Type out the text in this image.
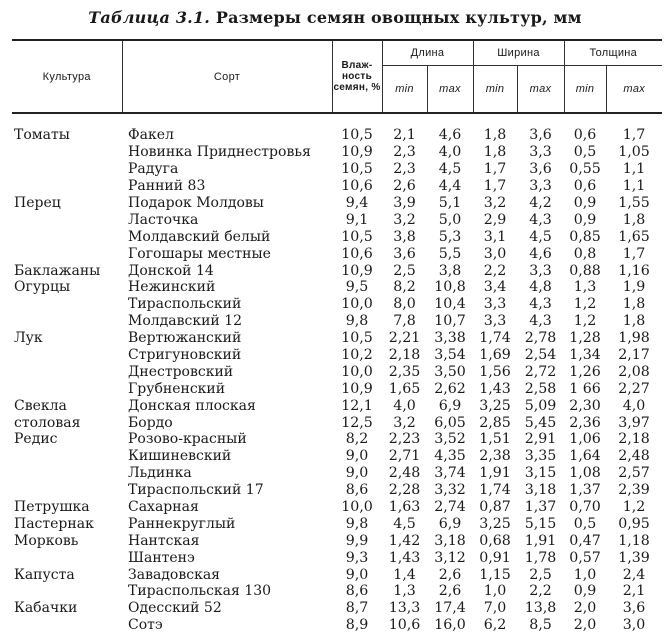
Таблица 3.1. Размеры семян овощных культур, мм
Культура	Сорт	Влаж-ность семян, %	Длина		Ширина		Толщина	
			min	max	min	max	min	max
Томаты	Факел	10,5	2,1	4,6	1,8	3,6	0,6	1,7
	Новинка Приднестровья	10,9	2,3	4,0	1,8	3,3	0,5	1,05
	Радуга	10,5	2,3	4,5	1,7	3,6	0,55	1,1
	Ранний 83	10,6	2,6	4,4	1,7	3,3	0,6	1,1
Перец	Подарок Молдовы	9,4	3,9	5,1	3,2	4,2	0,9	1,55
	Ласточка	9,1	3,2	5,0	2,9	4,3	0,9	1,8
	Молдавский белый	10,5	3,8	5,3	3,1	4,5	0,85	1,65
	Гогошары местные	10,6	3,6	5,5	3,0	4,6	0,8	1,7
Баклажаны	Донской 14	10,9	2,5	3,8	2,2	3,3	0,88	1,16
Огурцы	Нежинский	9,5	8,2	10,8	3,4	4,8	1,3	1,9
	Тираспольский	10,0	8,0	10,4	3,3	4,3	1,2	1,8
	Молдавский 12	9,8	7,8	10,7	3,3	4,3	1,2	1,8
Лук	Вертюжанский	10,5	2,21	3,38	1,74	2,78	1,28	1,98
	Стригуновский	10,2	2,18	3,54	1,69	2,54	1,34	2,17
	Днестровский	10,0	2,35	3,50	1,56	2,72	1,26	2,08
	Грубненский	10,9	1,65	2,62	1,43	2,58	1 66	2,27
Свекла	Донская плоская	12,1	4,0	6,9	3,25	5,09	2,30	4,0
столовая	Бордо	12,5	3,2	6,05	2,85	5,45	2,36	3,97
Редис	Розово-красный	8,2	2,23	3,52	1,51	2,91	1,06	2,18
	Кишиневский	9,0	2,71	4,35	2,38	3,35	1,64	2,48
	Льдинка	9,0	2,48	3,74	1,91	3,15	1,08	2,57
	Тираспольский 17	8,6	2,28	3,32	1,74	3,18	1,37	2,39
Петрушка	Сахарная	10,0	1,63	2,74	0,87	1,37	0,70	1,2
Пастернак	Раннекруглый	9,8	4,5	6,9	3,25	5,15	0,5	0,95
Морковь	Нантская	9,9	1,42	3,18	0,68	1,91	0,47	1,18
	Шантенэ	9,3	1,43	3,12	0,91	1,78	0,57	1,39
Капуста	Завадовская	9,0	1,4	2,6	1,15	2,5	1,0	2,4
	Тираспольская 130	8,6	1,3	2,6	1,0	2,2	0,9	2,1
Кабачки	Одесский 52	8,7	13,3	17,4	7,0	13,8	2,0	3,6
	Сотэ	8,9	10,6	16,0	6,2	8,5	2,0	3,0
